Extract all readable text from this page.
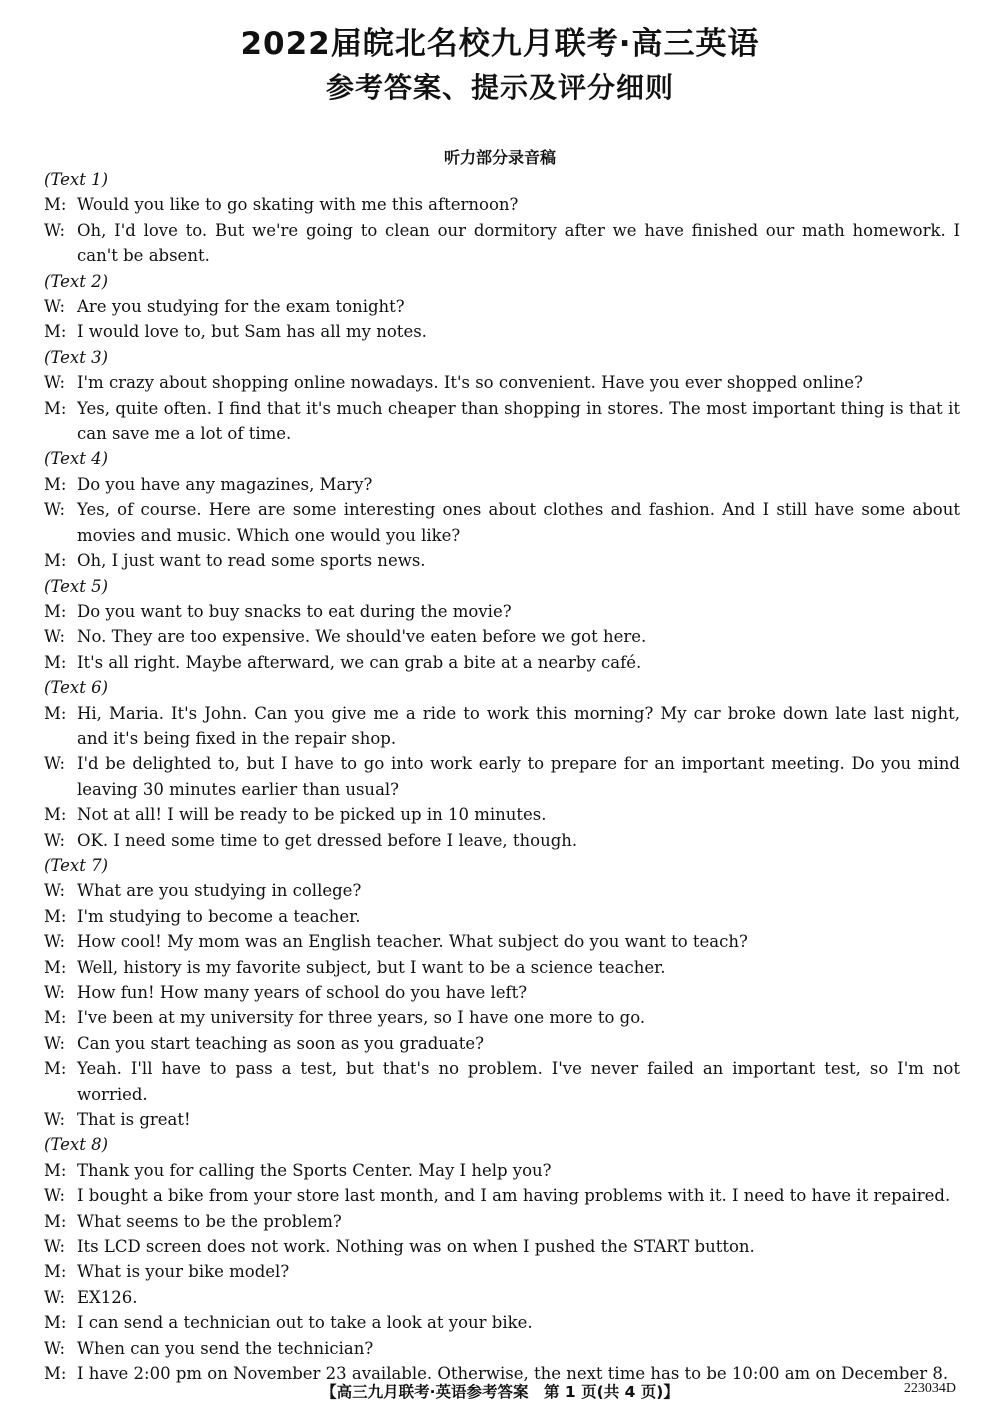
2022届皖北名校九月联考·高三英语
参考答案、提示及评分细则
听力部分录音稿
(Text 1)
M: Would you like to go skating with me this afternoon?
W: Oh, I'd love to. But we're going to clean our dormitory after we have finished our math homework. I can't be absent.
(Text 2)
W: Are you studying for the exam tonight?
M: I would love to, but Sam has all my notes.
(Text 3)
W: I'm crazy about shopping online nowadays. It's so convenient. Have you ever shopped online?
M: Yes, quite often. I find that it's much cheaper than shopping in stores. The most important thing is that it can save me a lot of time.
(Text 4)
M: Do you have any magazines, Mary?
W: Yes, of course. Here are some interesting ones about clothes and fashion. And I still have some about movies and music. Which one would you like?
M: Oh, I just want to read some sports news.
(Text 5)
M: Do you want to buy snacks to eat during the movie?
W: No. They are too expensive. We should've eaten before we got here.
M: It's all right. Maybe afterward, we can grab a bite at a nearby café.
(Text 6)
M: Hi, Maria. It's John. Can you give me a ride to work this morning? My car broke down late last night, and it's being fixed in the repair shop.
W: I'd be delighted to, but I have to go into work early to prepare for an important meeting. Do you mind leaving 30 minutes earlier than usual?
M: Not at all! I will be ready to be picked up in 10 minutes.
W: OK. I need some time to get dressed before I leave, though.
(Text 7)
W: What are you studying in college?
M: I'm studying to become a teacher.
W: How cool! My mom was an English teacher. What subject do you want to teach?
M: Well, history is my favorite subject, but I want to be a science teacher.
W: How fun! How many years of school do you have left?
M: I've been at my university for three years, so I have one more to go.
W: Can you start teaching as soon as you graduate?
M: Yeah. I'll have to pass a test, but that's no problem. I've never failed an important test, so I'm not worried.
W: That is great!
(Text 8)
M: Thank you for calling the Sports Center. May I help you?
W: I bought a bike from your store last month, and I am having problems with it. I need to have it repaired.
M: What seems to be the problem?
W: Its LCD screen does not work. Nothing was on when I pushed the START button.
M: What is your bike model?
W: EX126.
M: I can send a technician out to take a look at your bike.
W: When can you send the technician?
M: I have 2:00 pm on November 23 available. Otherwise, the next time has to be 10:00 am on December 8.
【高三九月联考·英语参考答案　第 1 页(共 4 页)】	223034D
